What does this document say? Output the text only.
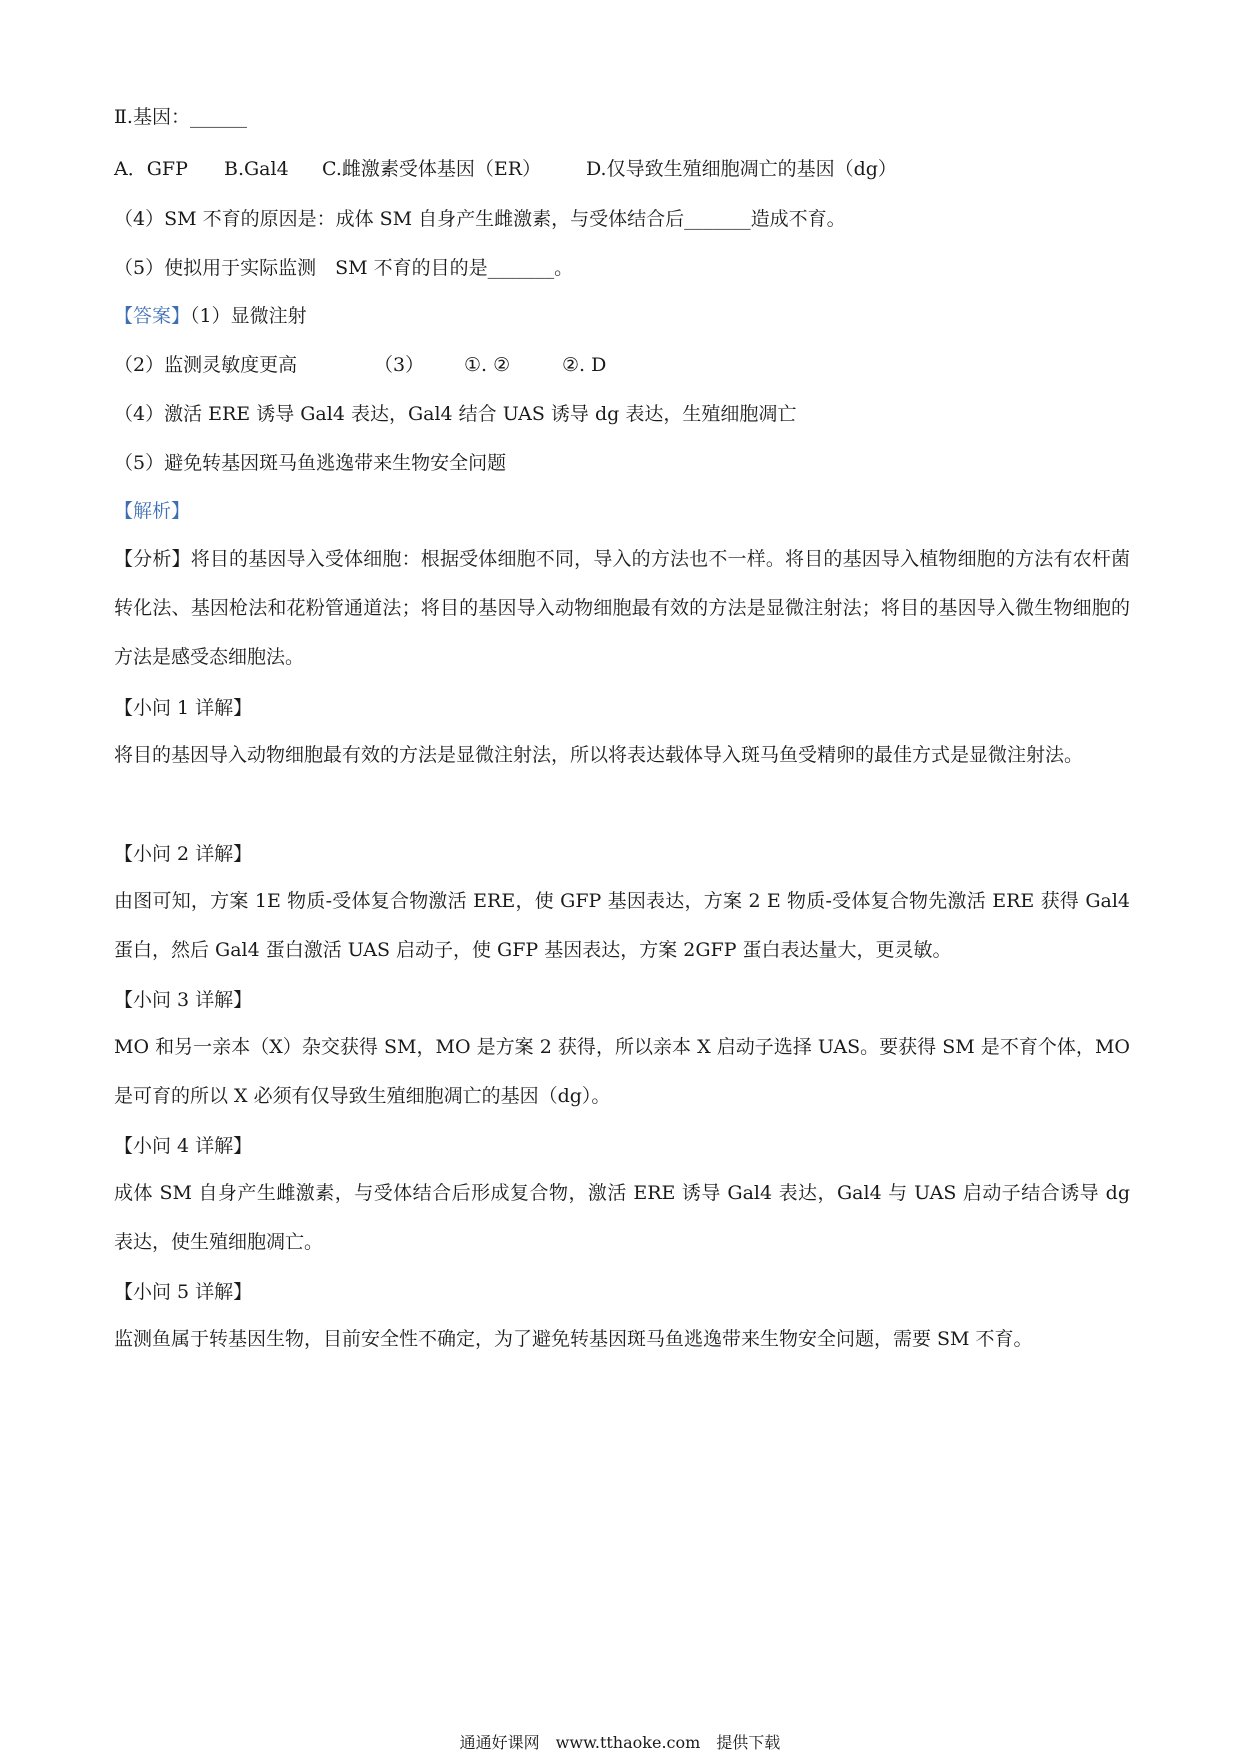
Ⅱ.基因：______
A．GFP B.Gal4 C.雌激素受体基因（ER） D.仅导致生殖细胞凋亡的基因（dg）
（4）SM 不育的原因是：成体 SM 自身产生雌激素，与受体结合后_______造成不育。
（5）使拟用于实际监测　SM 不育的目的是_______。
【答案】（1）显微注射
（2）监测灵敏度更高	（3） ①. ②	②. D
（4）激活 ERE 诱导 Gal4 表达，Gal4 结合 UAS 诱导 dg 表达，生殖细胞凋亡
（5）避免转基因斑马鱼逃逸带来生物安全问题
【解析】
【分析】将目的基因导入受体细胞：根据受体细胞不同，导入的方法也不一样。将目的基因导入植物细胞的方法有农杆菌转化法、基因枪法和花粉管通道法；将目的基因导入动物细胞最有效的方法是显微注射法；将目的基因导入微生物细胞的方法是感受态细胞法。
【小问 1 详解】
将目的基因导入动物细胞最有效的方法是显微注射法，所以将表达载体导入斑马鱼受精卵的最佳方式是显微注射法。
【小问 2 详解】
由图可知，方案 1E 物质-受体复合物激活 ERE，使 GFP 基因表达，方案 2 E 物质-受体复合物先激活 ERE 获得 Gal4 蛋白，然后 Gal4 蛋白激活 UAS 启动子，使 GFP 基因表达，方案 2GFP 蛋白表达量大，更灵敏。
【小问 3 详解】
MO 和另一亲本（X）杂交获得 SM，MO 是方案 2 获得，所以亲本 X 启动子选择 UAS。要获得 SM 是不育个体，MO 是可育的所以 X 必须有仅导致生殖细胞凋亡的基因（dg）。
【小问 4 详解】
成体 SM 自身产生雌激素，与受体结合后形成复合物，激活 ERE 诱导 Gal4 表达，Gal4 与 UAS 启动子结合诱导 dg 表达，使生殖细胞凋亡。
【小问 5 详解】
监测鱼属于转基因生物，目前安全性不确定，为了避免转基因斑马鱼逃逸带来生物安全问题，需要 SM 不育。
通通好课网　www.tthaoke.com　提供下载
